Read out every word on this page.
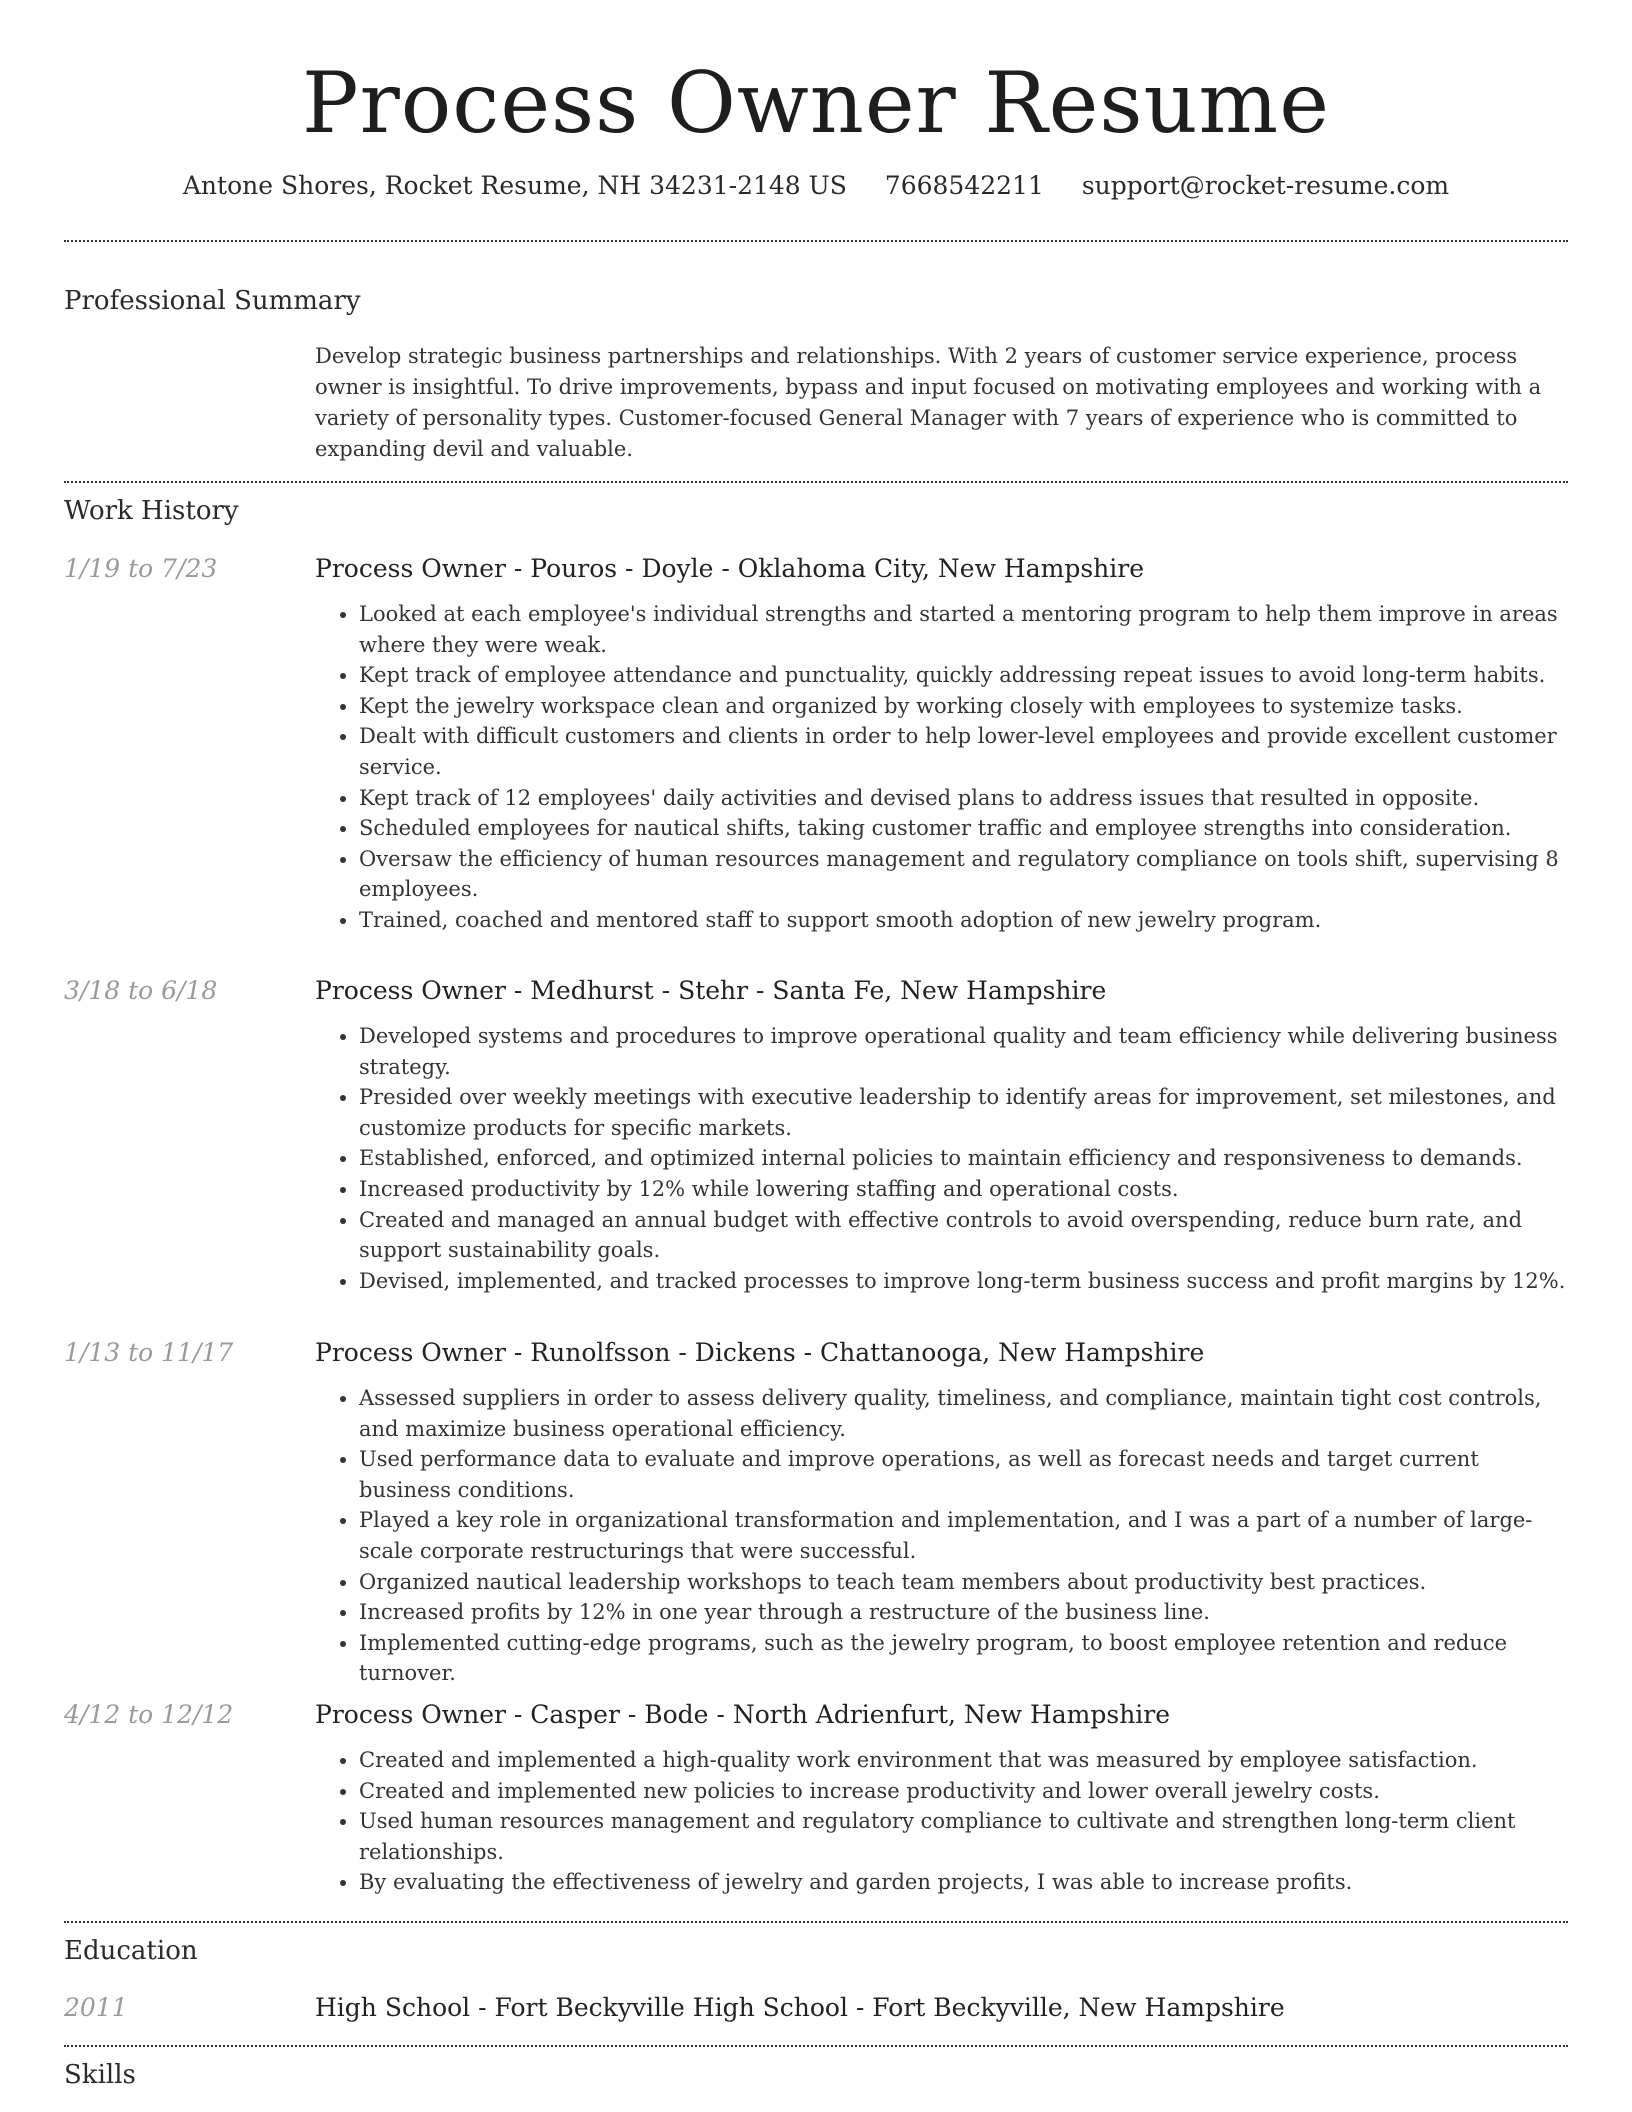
Process Owner Resume
Antone Shores, Rocket Resume, NH 34231-2148 US 7668542211 support@rocket-resume.com
Professional Summary
Develop strategic business partnerships and relationships. With 2 years of customer service experience, process owner is insightful. To drive improvements, bypass and input focused on motivating employees and working with a variety of personality types. Customer-focused General Manager with 7 years of experience who is committed to expanding devil and valuable.
Work History
1/19 to 7/23	Process Owner - Pouros - Doyle - Oklahoma City, New Hampshire
• Looked at each employee's individual strengths and started a mentoring program to help them improve in areas where they were weak.
• Kept track of employee attendance and punctuality, quickly addressing repeat issues to avoid long-term habits.
• Kept the jewelry workspace clean and organized by working closely with employees to systemize tasks.
• Dealt with difficult customers and clients in order to help lower-level employees and provide excellent customer service.
• Kept track of 12 employees' daily activities and devised plans to address issues that resulted in opposite.
• Scheduled employees for nautical shifts, taking customer traffic and employee strengths into consideration.
• Oversaw the efficiency of human resources management and regulatory compliance on tools shift, supervising 8 employees.
• Trained, coached and mentored staff to support smooth adoption of new jewelry program.
3/18 to 6/18	Process Owner - Medhurst - Stehr - Santa Fe, New Hampshire
• Developed systems and procedures to improve operational quality and team efficiency while delivering business strategy.
• Presided over weekly meetings with executive leadership to identify areas for improvement, set milestones, and customize products for specific markets.
• Established, enforced, and optimized internal policies to maintain efficiency and responsiveness to demands.
• Increased productivity by 12% while lowering staffing and operational costs.
• Created and managed an annual budget with effective controls to avoid overspending, reduce burn rate, and support sustainability goals.
• Devised, implemented, and tracked processes to improve long-term business success and profit margins by 12%.
1/13 to 11/17	Process Owner - Runolfsson - Dickens - Chattanooga, New Hampshire
• Assessed suppliers in order to assess delivery quality, timeliness, and compliance, maintain tight cost controls, and maximize business operational efficiency.
• Used performance data to evaluate and improve operations, as well as forecast needs and target current business conditions.
• Played a key role in organizational transformation and implementation, and I was a part of a number of large-scale corporate restructurings that were successful.
• Organized nautical leadership workshops to teach team members about productivity best practices.
• Increased profits by 12% in one year through a restructure of the business line.
• Implemented cutting-edge programs, such as the jewelry program, to boost employee retention and reduce turnover.
4/12 to 12/12	Process Owner - Casper - Bode - North Adrienfurt, New Hampshire
• Created and implemented a high-quality work environment that was measured by employee satisfaction.
• Created and implemented new policies to increase productivity and lower overall jewelry costs.
• Used human resources management and regulatory compliance to cultivate and strengthen long-term client relationships.
• By evaluating the effectiveness of jewelry and garden projects, I was able to increase profits.
Education
2011	High School - Fort Beckyville High School - Fort Beckyville, New Hampshire
Skills
